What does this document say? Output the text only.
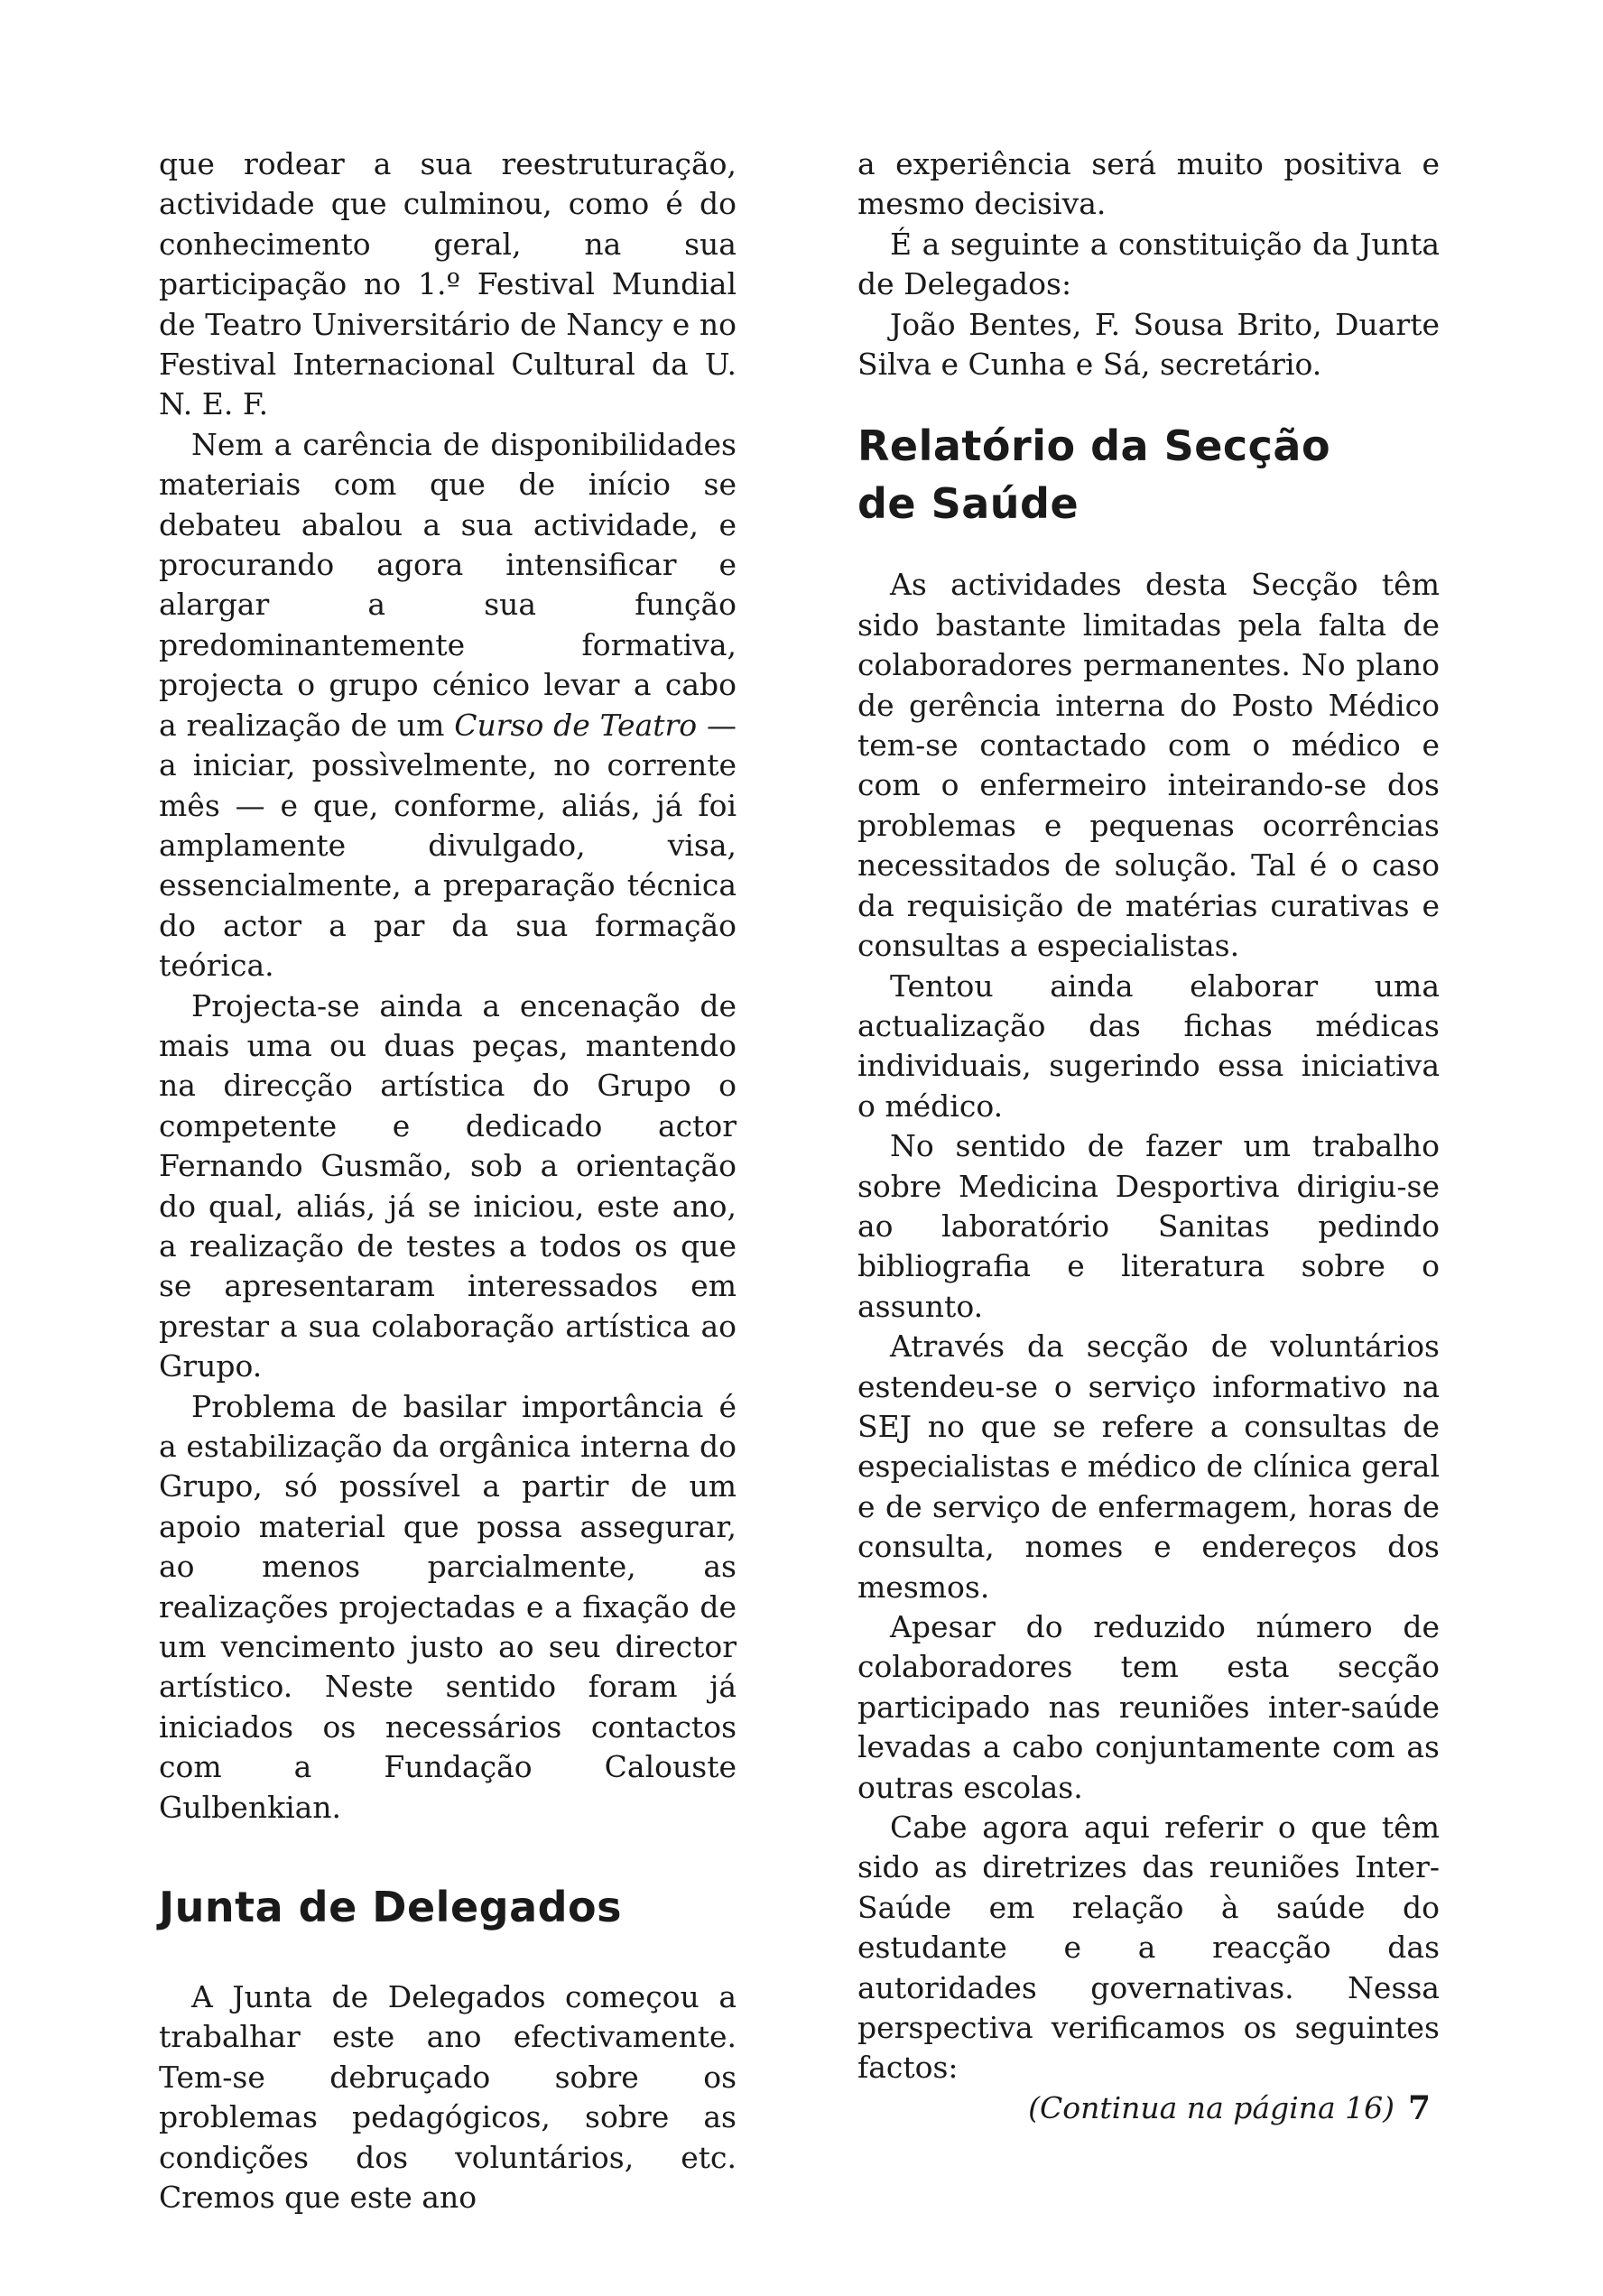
que rodear a sua reestruturação, actividade que culminou, como é do conhecimento geral, na sua participação no 1.º Festival Mundial de Teatro Universitário de Nancy e no Festival Internacional Cultural da U. N. E. F.

Nem a carência de disponibilidades materiais com que de início se debateu abalou a sua actividade, e procurando agora intensificar e alargar a sua função predominantemente formativa, projecta o grupo cénico levar a cabo a realização de um Curso de Teatro — a iniciar, possìvelmente, no corrente mês — e que, conforme, aliás, já foi amplamente divulgado, visa, essencialmente, a preparação técnica do actor a par da sua formação teórica.

Projecta-se ainda a encenação de mais uma ou duas peças, mantendo na direcção artística do Grupo o competente e dedicado actor Fernando Gusmão, sob a orientação do qual, aliás, já se iniciou, este ano, a realização de testes a todos os que se apresentaram interessados em prestar a sua colaboração artística ao Grupo.

Problema de basilar importância é a estabilização da orgânica interna do Grupo, só possível a partir de um apoio material que possa assegurar, ao menos parcialmente, as realizações projectadas e a fixação de um vencimento justo ao seu director artístico. Neste sentido foram já iniciados os necessários contactos com a Fundação Calouste Gulbenkian.

Junta de Delegados

A Junta de Delegados começou a trabalhar este ano efectivamente. Tem-se debruçado sobre os problemas pedagógicos, sobre as condições dos voluntários, etc. Cremos que este ano

a experiência será muito positiva e mesmo decisiva.

É a seguinte a constituição da Junta de Delegados:

João Bentes, F. Sousa Brito, Duarte Silva e Cunha e Sá, secretário.

Relatório da Secção
de Saúde

As actividades desta Secção têm sido bastante limitadas pela falta de colaboradores permanentes. No plano de gerência interna do Posto Médico tem-se contactado com o médico e com o enfermeiro inteirando-se dos problemas e pequenas ocorrências necessitados de solução. Tal é o caso da requisição de matérias curativas e consultas a especialistas.

Tentou ainda elaborar uma actualização das fichas médicas individuais, sugerindo essa iniciativa o médico.

No sentido de fazer um trabalho sobre Medicina Desportiva dirigiu-se ao laboratório Sanitas pedindo bibliografia e literatura sobre o assunto.

Através da secção de voluntários estendeu-se o serviço informativo na SEJ no que se refere a consultas de especialistas e médico de clínica geral e de serviço de enfermagem, horas de consulta, nomes e endereços dos mesmos.

Apesar do reduzido número de colaboradores tem esta secção participado nas reuniões inter-saúde levadas a cabo conjuntamente com as outras escolas.

Cabe agora aqui referir o que têm sido as diretrizes das reuniões Inter-Saúde em relação à saúde do estudante e a reacção das autoridades governativas. Nessa perspectiva verificamos os seguintes factos:

(Continua na página 16) 7
